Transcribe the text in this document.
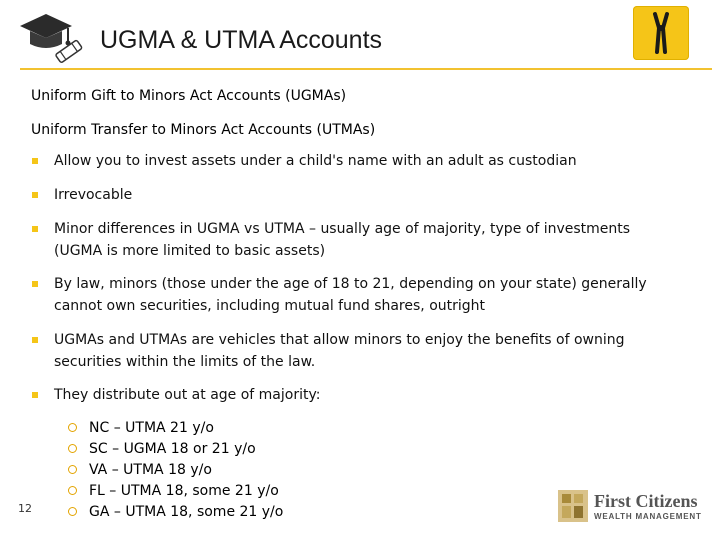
UGMA & UTMA Accounts
Uniform Gift to Minors Act Accounts (UGMAs)
Uniform Transfer to Minors Act Accounts (UTMAs)
Allow you to invest assets under a child's name with an adult as custodian
Irrevocable
Minor differences in UGMA vs UTMA – usually age of majority, type of investments (UGMA is more limited to basic assets)
By law, minors (those under the age of 18 to 21, depending on your state) generally cannot own securities, including mutual fund shares, outright
UGMAs and UTMAs are vehicles that allow minors to enjoy the benefits of owning securities within the limits of the law.
They distribute out at age of majority:
NC – UTMA 21 y/o
SC – UGMA 18 or 21 y/o
VA – UTMA 18 y/o
FL – UTMA 18, some 21 y/o
GA – UTMA 18, some 21 y/o
12	First Citizens
WEALTH MANAGEMENT
